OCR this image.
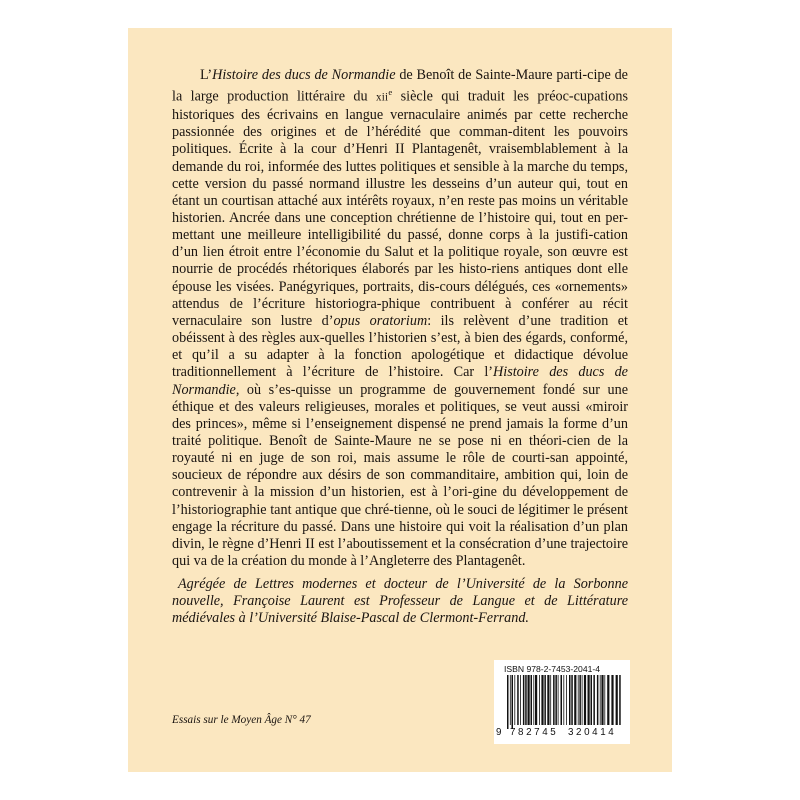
L’Histoire des ducs de Normandie de Benoît de Sainte-Maure parti-cipe de la large production littéraire du xii$^e$ siècle qui traduit les préoc-cupations historiques des écrivains en langue vernaculaire animés par cette recherche passionnée des origines et de l’hérédité que comman-ditent les pouvoirs politiques. Écrite à la cour d’Henri II Plantagenêt, vraisemblablement à la demande du roi, informée des luttes politiques et sensible à la marche du temps, cette version du passé normand illustre les desseins d’un auteur qui, tout en étant un courtisan attaché aux intérêts royaux, n’en reste pas moins un véritable historien. Ancrée dans une conception chrétienne de l’histoire qui, tout en per-mettant une meilleure intelligibilité du passé, donne corps à la justifi-cation d’un lien étroit entre l’économie du Salut et la politique royale, son œuvre est nourrie de procédés rhétoriques élaborés par les histo-riens antiques dont elle épouse les visées. Panégyriques, portraits, dis-cours délégués, ces «ornements» attendus de l’écriture historiogra-phique contribuent à conférer au récit vernaculaire son lustre d’opus oratorium: ils relèvent d’une tradition et obéissent à des règles aux-quelles l’historien s’est, à bien des égards, conformé, et qu’il a su adapter à la fonction apologétique et didactique dévolue traditionnellement à l’écriture de l’histoire. Car l’Histoire des ducs de Normandie, où s’es-quisse un programme de gouvernement fondé sur une éthique et des valeurs religieuses, morales et politiques, se veut aussi «miroir des princes», même si l’enseignement dispensé ne prend jamais la forme d’un traité politique. Benoît de Sainte-Maure ne se pose ni en théori-cien de la royauté ni en juge de son roi, mais assume le rôle de courti-san appointé, soucieux de répondre aux désirs de son commanditaire, ambition qui, loin de contrevenir à la mission d’un historien, est à l’ori-gine du développement de l’historiographie tant antique que chré-tienne, où le souci de légitimer le présent engage la récriture du passé. Dans une histoire qui voit la réalisation d’un plan divin, le règne d’Henri II est l’aboutissement et la consécration d’une trajectoire qui va de la création du monde à l’Angleterre des Plantagenêt.

Agrégée de Lettres modernes et docteur de l’Université de la Sorbonne nouvelle, Françoise Laurent est Professeur de Langue et de Littérature médiévales à l’Université Blaise-Pascal de Clermont-Ferrand.

Essais sur le Moyen Âge N° 47
ISBN 978-2-7453-2041-4
9 782745 320414
